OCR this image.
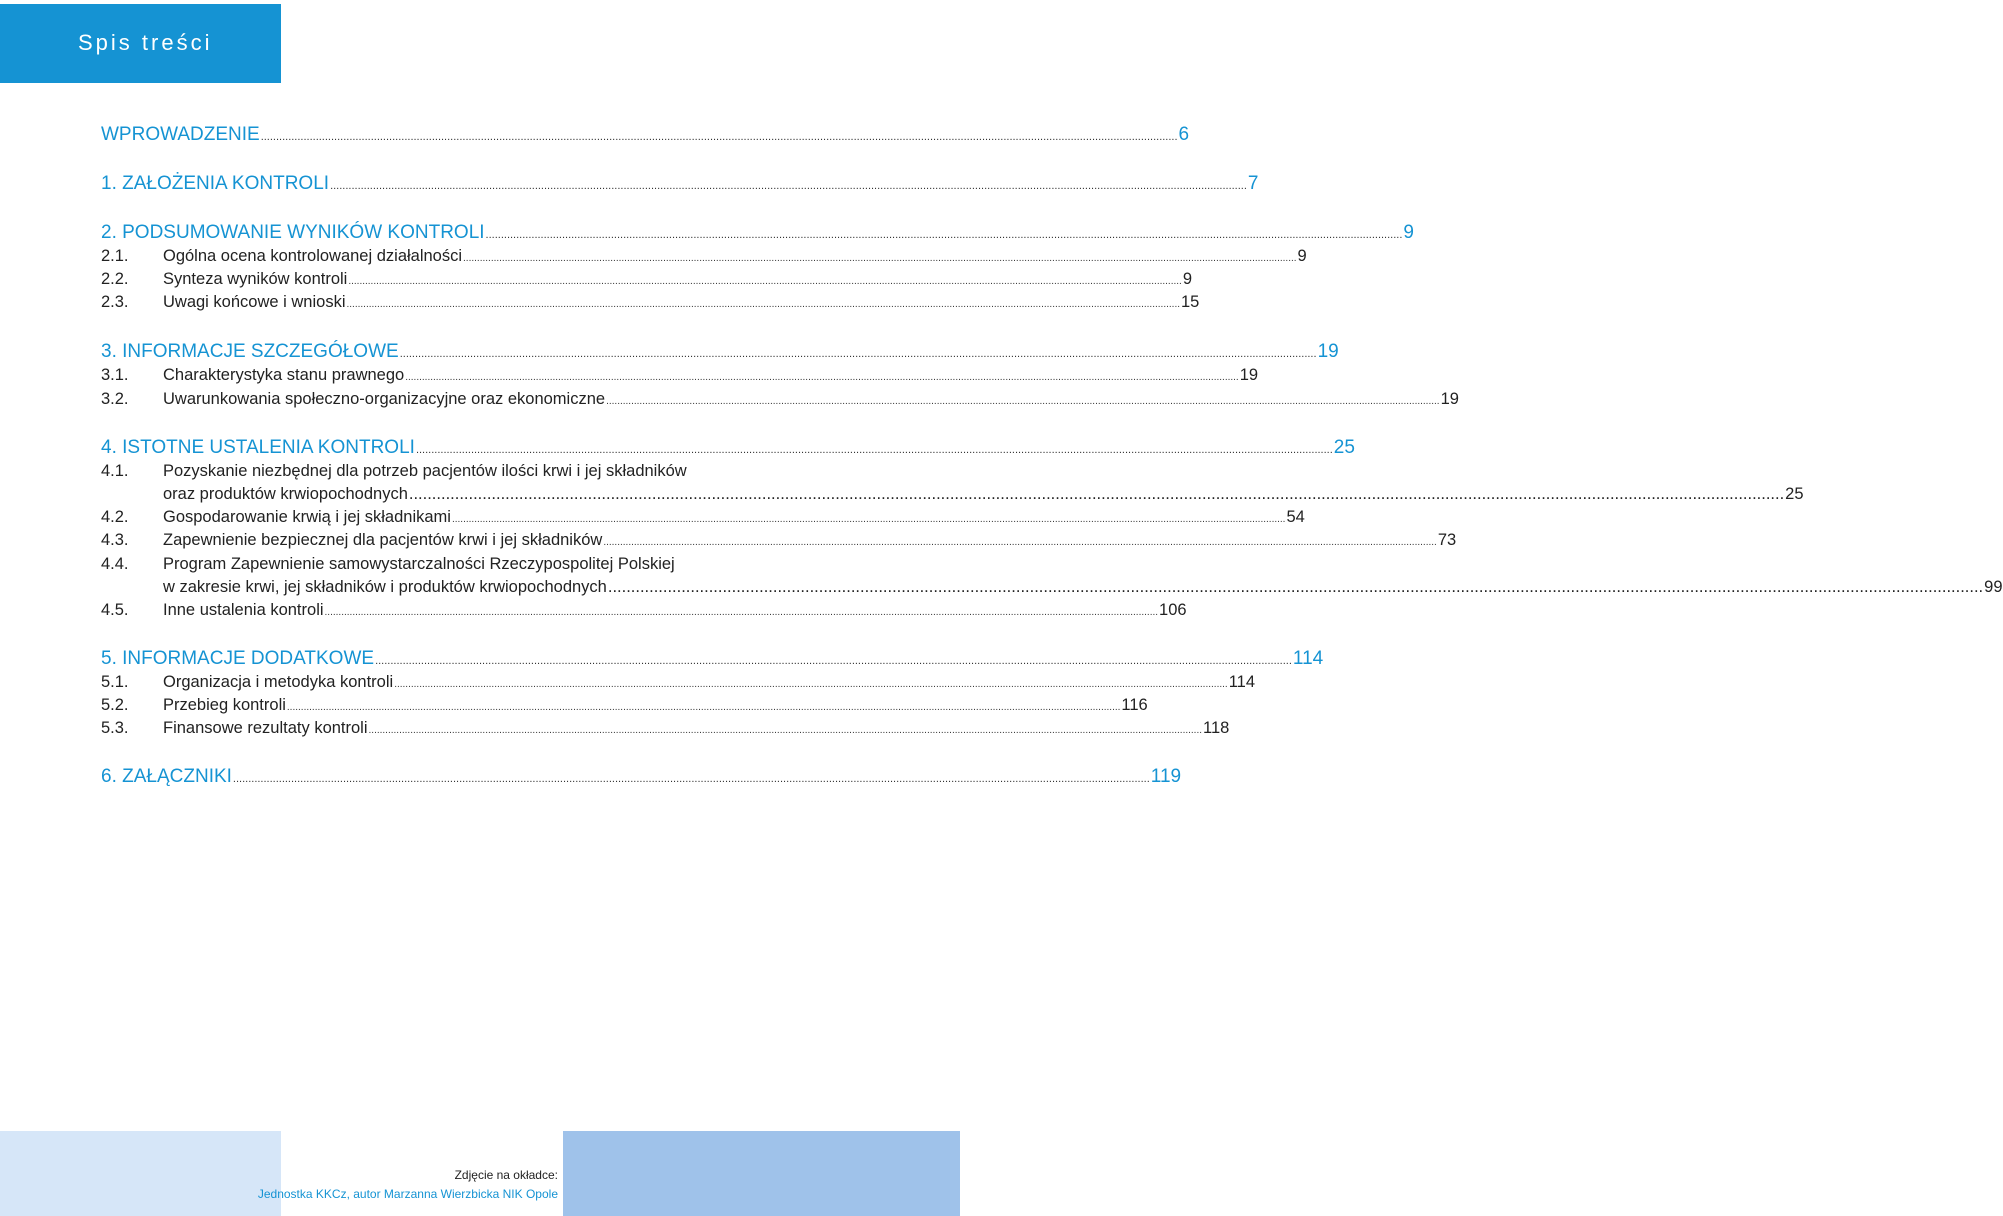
Spis treści
WPROWADZENIE ............................................................................................................................................................................................................................................................................................................ 6
1. ZAŁOŻENIA KONTROLI ............................................................................................................................................................................................................................................................................................................ 7
2. PODSUMOWANIE WYNIKÓW KONTROLI ............................................................................................................................................................................................................................................................................................................ 9
2.1. Ogólna ocena kontrolowanej działalności ............................................................................................................................................................................................................................................................................................................ 9
2.2. Synteza wyników kontroli ............................................................................................................................................................................................................................................................................................................ 9
2.3. Uwagi końcowe i wnioski ............................................................................................................................................................................................................................................................................................................ 15
3. INFORMACJE SZCZEGÓŁOWE ............................................................................................................................................................................................................................................................................................................ 19
3.1. Charakterystyka stanu prawnego ............................................................................................................................................................................................................................................................................................................ 19
3.2. Uwarunkowania społeczno-organizacyjne oraz ekonomiczne ............................................................................................................................................................................................................................................................................................................ 19
4. ISTOTNE USTALENIA KONTROLI ............................................................................................................................................................................................................................................................................................................ 25
4.1. Pozyskanie niezbędnej dla potrzeb pacjentów ilości krwi i jej składników
oraz produktów krwiopochodnych ............................................................................................................................................................................................................................................................................................................ 25
4.2. Gospodarowanie krwią i jej składnikami ............................................................................................................................................................................................................................................................................................................ 54
4.3. Zapewnienie bezpiecznej dla pacjentów krwi i jej składników ............................................................................................................................................................................................................................................................................................................ 73
4.4. Program Zapewnienie samowystarczalności Rzeczypospolitej Polskiej
w zakresie krwi, jej składników i produktów krwiopochodnych ............................................................................................................................................................................................................................................................................................................ 99
4.5. Inne ustalenia kontroli ............................................................................................................................................................................................................................................................................................................ 106
5. INFORMACJE DODATKOWE ............................................................................................................................................................................................................................................................................................................ 114
5.1. Organizacja i metodyka kontroli ............................................................................................................................................................................................................................................................................................................ 114
5.2. Przebieg kontroli ............................................................................................................................................................................................................................................................................................................ 116
5.3. Finansowe rezultaty kontroli ............................................................................................................................................................................................................................................................................................................ 118
6. ZAŁĄCZNIKI ............................................................................................................................................................................................................................................................................................................ 119
Zdjęcie na okładce:
Jednostka KKCz, autor Marzanna Wierzbicka NIK Opole
